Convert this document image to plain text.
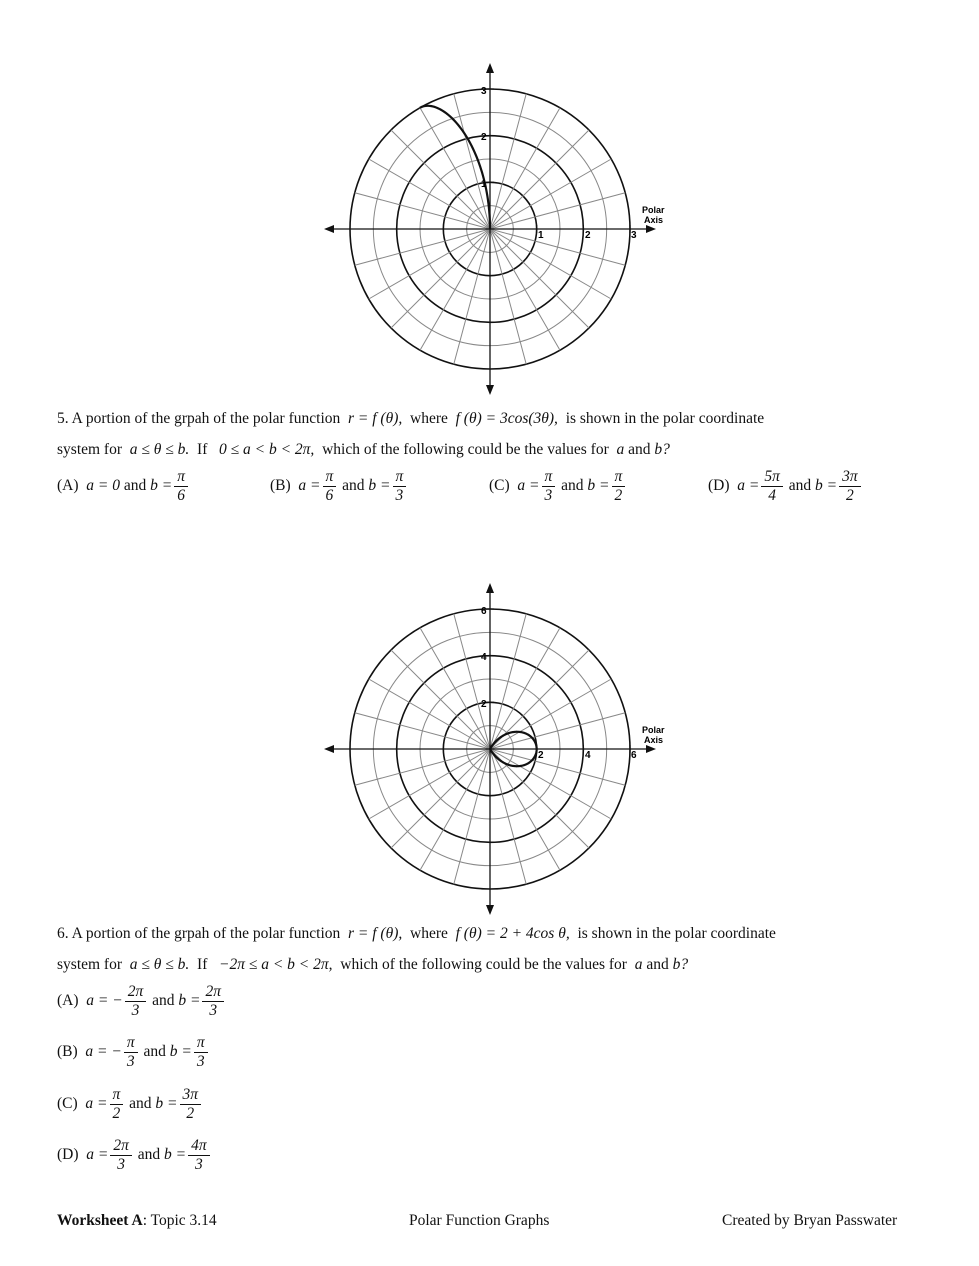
1
2
3
1	2	3
Polar
Axis
5. A portion of the grpah of the polar function r = f (θ), where f (θ) = 3cos(3θ), is shown in the polar coordinate
system for a ≤ θ ≤ b. If 0 ≤ a < b < 2π, which of the following could be the values for a and b?
(A) a = 0 and $b = \frac{\pi}{6}$	(B) $a = \frac{\pi}{6}$ and $b = \frac{\pi}{3}$	(C) $a = \frac{\pi}{3}$ and $b = \frac{\pi}{2}$	(D) $a = \frac{5\pi}{4}$ and $b = \frac{3\pi}{2}$
2
4
6
2	4	6
Polar
Axis
6. A portion of the grpah of the polar function r = f (θ), where f (θ) = 2 + 4cos θ, is shown in the polar coordinate
system for a ≤ θ ≤ b. If −2π ≤ a < b < 2π, which of the following could be the values for a and b?
(A) a = − $\frac{2\pi}{3}$ and $b = \frac{2\pi}{3}$
(B) a = − $\frac{\pi}{3}$ and $b = \frac{\pi}{3}$
(C) $a = \frac{\pi}{2}$ and $b = \frac{3\pi}{2}$
(D) $a = \frac{2\pi}{3}$ and $b = \frac{4\pi}{3}$
Worksheet A: Topic 3.14	Polar Function Graphs	Created by Bryan Passwater
